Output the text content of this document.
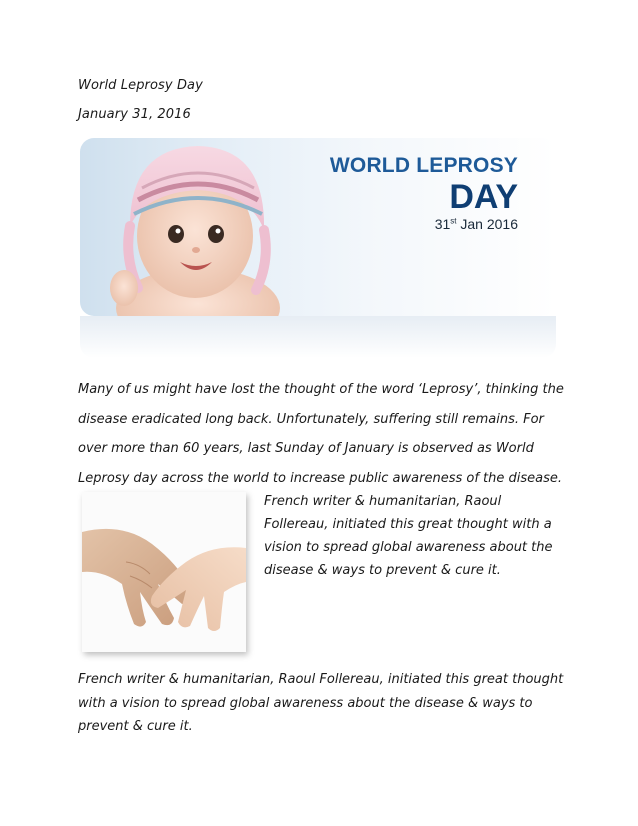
World Leprosy Day
January 31, 2016
WORLD LEPROSY
DAY
31st Jan 2016
Many of us might have lost the thought of the word ‘Leprosy’, thinking the disease eradicated long back. Unfortunately, suffering still remains. For over more than 60 years, last Sunday of January is observed as World Leprosy day across the world to increase public awareness of the disease.
French writer & humanitarian, Raoul Follereau, initiated this great thought with a vision to spread global awareness about the disease & ways to prevent & cure it.
French writer & humanitarian, Raoul Follereau, initiated this great thought with a vision to spread global awareness about the disease & ways to prevent & cure it.
